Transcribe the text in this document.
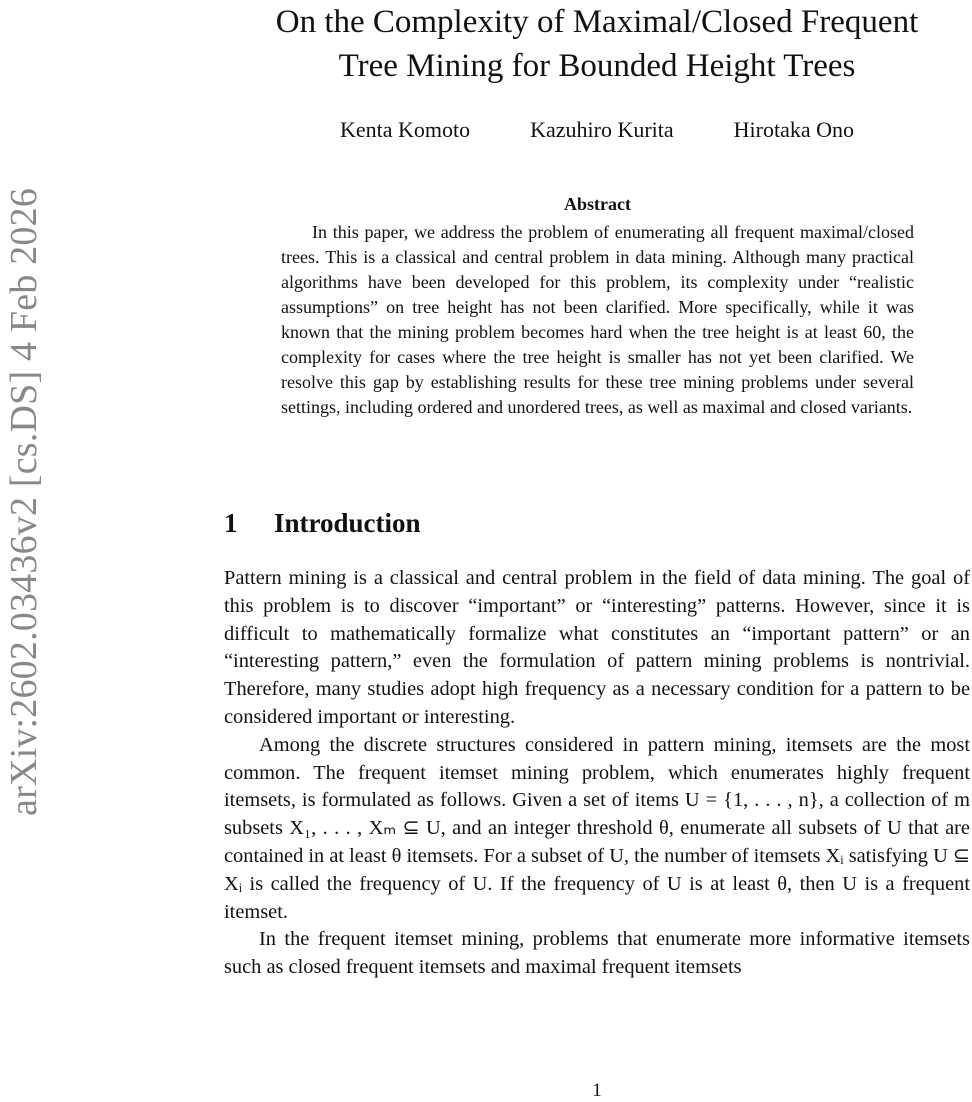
arXiv:2602.03436v2 [cs.DS] 4 Feb 2026
On the Complexity of Maximal/Closed Frequent
Tree Mining for Bounded Height Trees
Kenta Komoto	Kazuhiro Kurita	Hirotaka Ono
Abstract

In this paper, we address the problem of enumerating all frequent maximal/closed trees. This is a classical and central problem in data mining. Although many practical algorithms have been developed for this problem, its complexity under “realistic assumptions” on tree height has not been clarified. More specifically, while it was known that the mining problem becomes hard when the tree height is at least 60, the complexity for cases where the tree height is smaller has not yet been clarified. We resolve this gap by establishing results for these tree mining problems under several settings, including ordered and unordered trees, as well as maximal and closed variants.

1 Introduction

Pattern mining is a classical and central problem in the field of data mining. The goal of this problem is to discover “important” or “interesting” patterns. However, since it is difficult to mathematically formalize what constitutes an “important pattern” or an “interesting pattern,” even the formulation of pattern mining problems is nontrivial. Therefore, many studies adopt high frequency as a necessary condition for a pattern to be considered important or interesting.

Among the discrete structures considered in pattern mining, itemsets are the most common. The frequent itemset mining problem, which enumerates highly frequent itemsets, is formulated as follows. Given a set of items U = {1, . . . , n}, a collection of m subsets X₁, . . . , Xₘ ⊆ U, and an integer threshold θ, enumerate all subsets of U that are contained in at least θ itemsets. For a subset of U, the number of itemsets Xᵢ satisfying U ⊆ Xᵢ is called the frequency of U. If the frequency of U is at least θ, then U is a frequent itemset.

In the frequent itemset mining, problems that enumerate more informative itemsets such as closed frequent itemsets and maximal frequent itemsets

1
